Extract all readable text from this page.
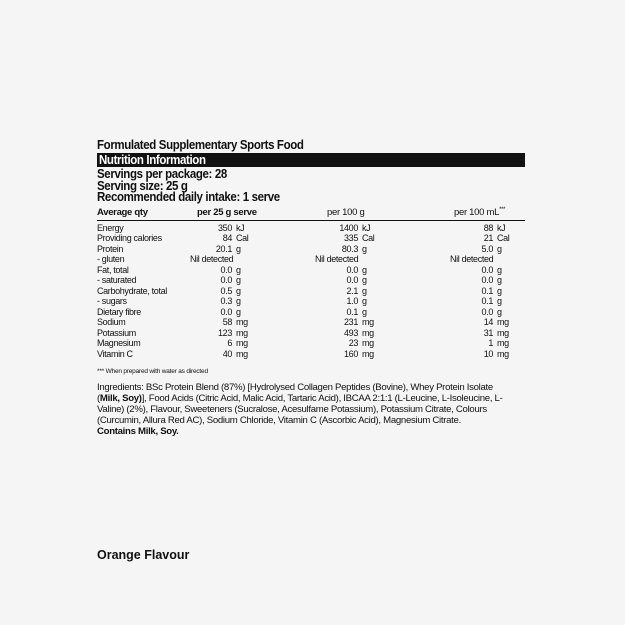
Formulated Supplementary Sports Food
Nutrition Information
Servings per package: 28
Serving size: 25 g
Recommended daily intake: 1 serve
Average qty	per 25 g serve	per 100 g	per 100 mL***
Energy	350 kJ	1400 kJ	88 kJ
Providing calories	84 Cal	335 Cal	21 Cal
Protein	20.1 g	80.3 g	5.0 g
- gluten	Nil detected	Nil detected	Nil detected
Fat, total	0.0 g	0.0 g	0.0 g
- saturated	0.0 g	0.0 g	0.0 g
Carbohydrate, total	0.5 g	2.1 g	0.1 g
- sugars	0.3 g	1.0 g	0.1 g
Dietary fibre	0.0 g	0.1 g	0.0 g
Sodium	58 mg	231 mg	14 mg
Potassium	123 mg	493 mg	31 mg
Magnesium	6 mg	23 mg	1 mg
Vitamin C	40 mg	160 mg	10 mg
*** When prepared with water as directed
Ingredients: BSc Protein Blend (87%) [Hydrolysed Collagen Peptides (Bovine), Whey Protein Isolate (Milk, Soy)], Food Acids (Citric Acid, Malic Acid, Tartaric Acid), IBCAA 2:1:1 (L-Leucine, L-Isoleucine, L-Valine) (2%), Flavour, Sweeteners (Sucralose, Acesulfame Potassium), Potassium Citrate, Colours (Curcumin, Allura Red AC), Sodium Chloride, Vitamin C (Ascorbic Acid), Magnesium Citrate.
Contains Milk, Soy.
Orange Flavour
